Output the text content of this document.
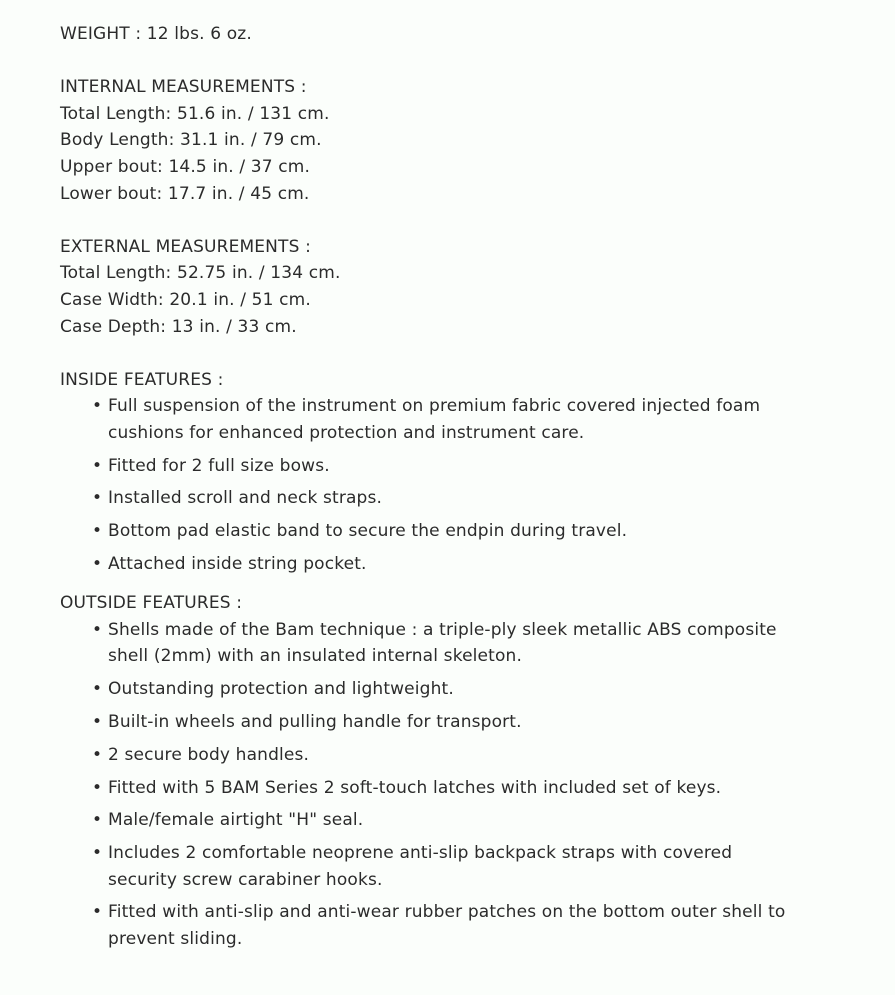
WEIGHT : 12 lbs. 6 oz.

INTERNAL MEASUREMENTS :

Total Length: 51.6 in. / 131 cm.

Body Length: 31.1 in. / 79 cm.

Upper bout: 14.5 in. / 37 cm.

Lower bout: 17.7 in. / 45 cm.

EXTERNAL MEASUREMENTS :

Total Length: 52.75 in. / 134 cm.

Case Width: 20.1 in. / 51 cm.

Case Depth: 13 in. / 33 cm.

INSIDE FEATURES :

• Full suspension of the instrument on premium fabric covered injected foam cushions for enhanced protection and instrument care.
• Fitted for 2 full size bows.
• Installed scroll and neck straps.
• Bottom pad elastic band to secure the endpin during travel.
• Attached inside string pocket.

OUTSIDE FEATURES :

• Shells made of the Bam technique : a triple-ply sleek metallic ABS composite shell (2mm) with an insulated internal skeleton.
• Outstanding protection and lightweight.
• Built-in wheels and pulling handle for transport.
• 2 secure body handles.
• Fitted with 5 BAM Series 2 soft-touch latches with included set of keys.
• Male/female airtight "H" seal.
• Includes 2 comfortable neoprene anti-slip backpack straps with covered security screw carabiner hooks.
• Fitted with anti-slip and anti-wear rubber patches on the bottom outer shell to prevent sliding.
